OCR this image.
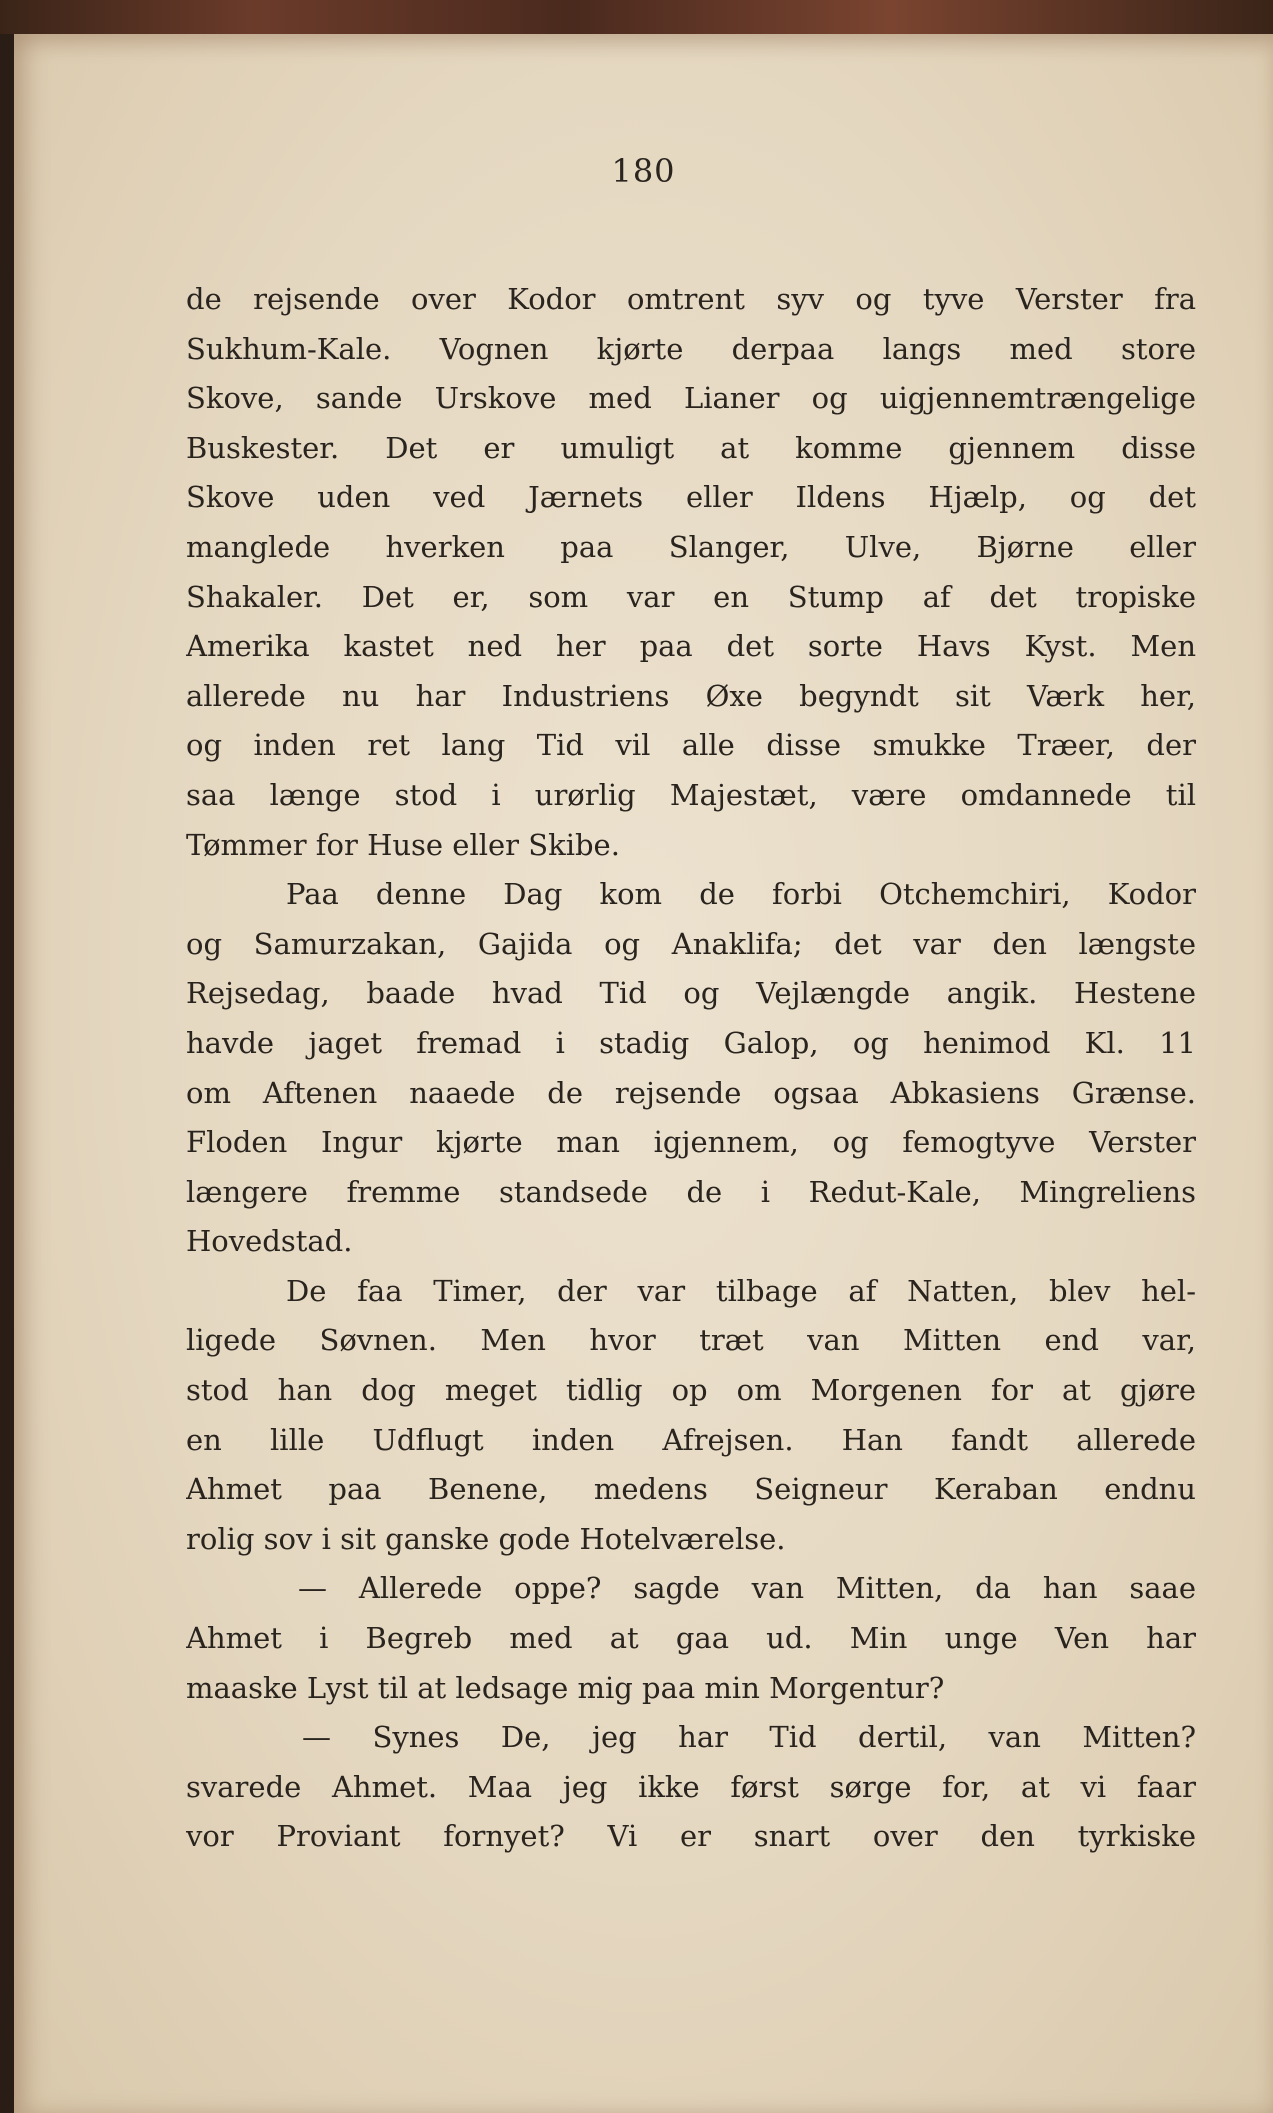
180
de rejsende over Kodor omtrent syv og tyve Verster fra
Sukhum-Kale. Vognen kjørte derpaa langs med store
Skove, sande Urskove med Lianer og uigjennemtrængelige
Buskester. Det er umuligt at komme gjennem disse
Skove uden ved Jærnets eller Ildens Hjælp, og det
manglede hverken paa Slanger, Ulve, Bjørne eller
Shakaler. Det er, som var en Stump af det tropiske
Amerika kastet ned her paa det sorte Havs Kyst. Men
allerede nu har Industriens Øxe begyndt sit Værk her,
og inden ret lang Tid vil alle disse smukke Træer, der
saa længe stod i urørlig Majestæt, være omdannede til
Tømmer for Huse eller Skibe.
Paa denne Dag kom de forbi Otchemchiri, Kodor
og Samurzakan, Gajida og Anaklifa; det var den længste
Rejsedag, baade hvad Tid og Vejlængde angik. Hestene
havde jaget fremad i stadig Galop, og henimod Kl. 11
om Aftenen naaede de rejsende ogsaa Abkasiens Grænse.
Floden Ingur kjørte man igjennem, og femogtyve Verster
længere fremme standsede de i Redut-Kale, Mingreliens
Hovedstad.
De faa Timer, der var tilbage af Natten, blev hel-
ligede Søvnen. Men hvor træt van Mitten end var,
stod han dog meget tidlig op om Morgenen for at gjøre
en lille Udflugt inden Afrejsen. Han fandt allerede
Ahmet paa Benene, medens Seigneur Keraban endnu
rolig sov i sit ganske gode Hotelværelse.
— Allerede oppe? sagde van Mitten, da han saae
Ahmet i Begreb med at gaa ud. Min unge Ven har
maaske Lyst til at ledsage mig paa min Morgentur?
— Synes De, jeg har Tid dertil, van Mitten?
svarede Ahmet. Maa jeg ikke først sørge for, at vi faar
vor Proviant fornyet? Vi er snart over den tyrkiske
